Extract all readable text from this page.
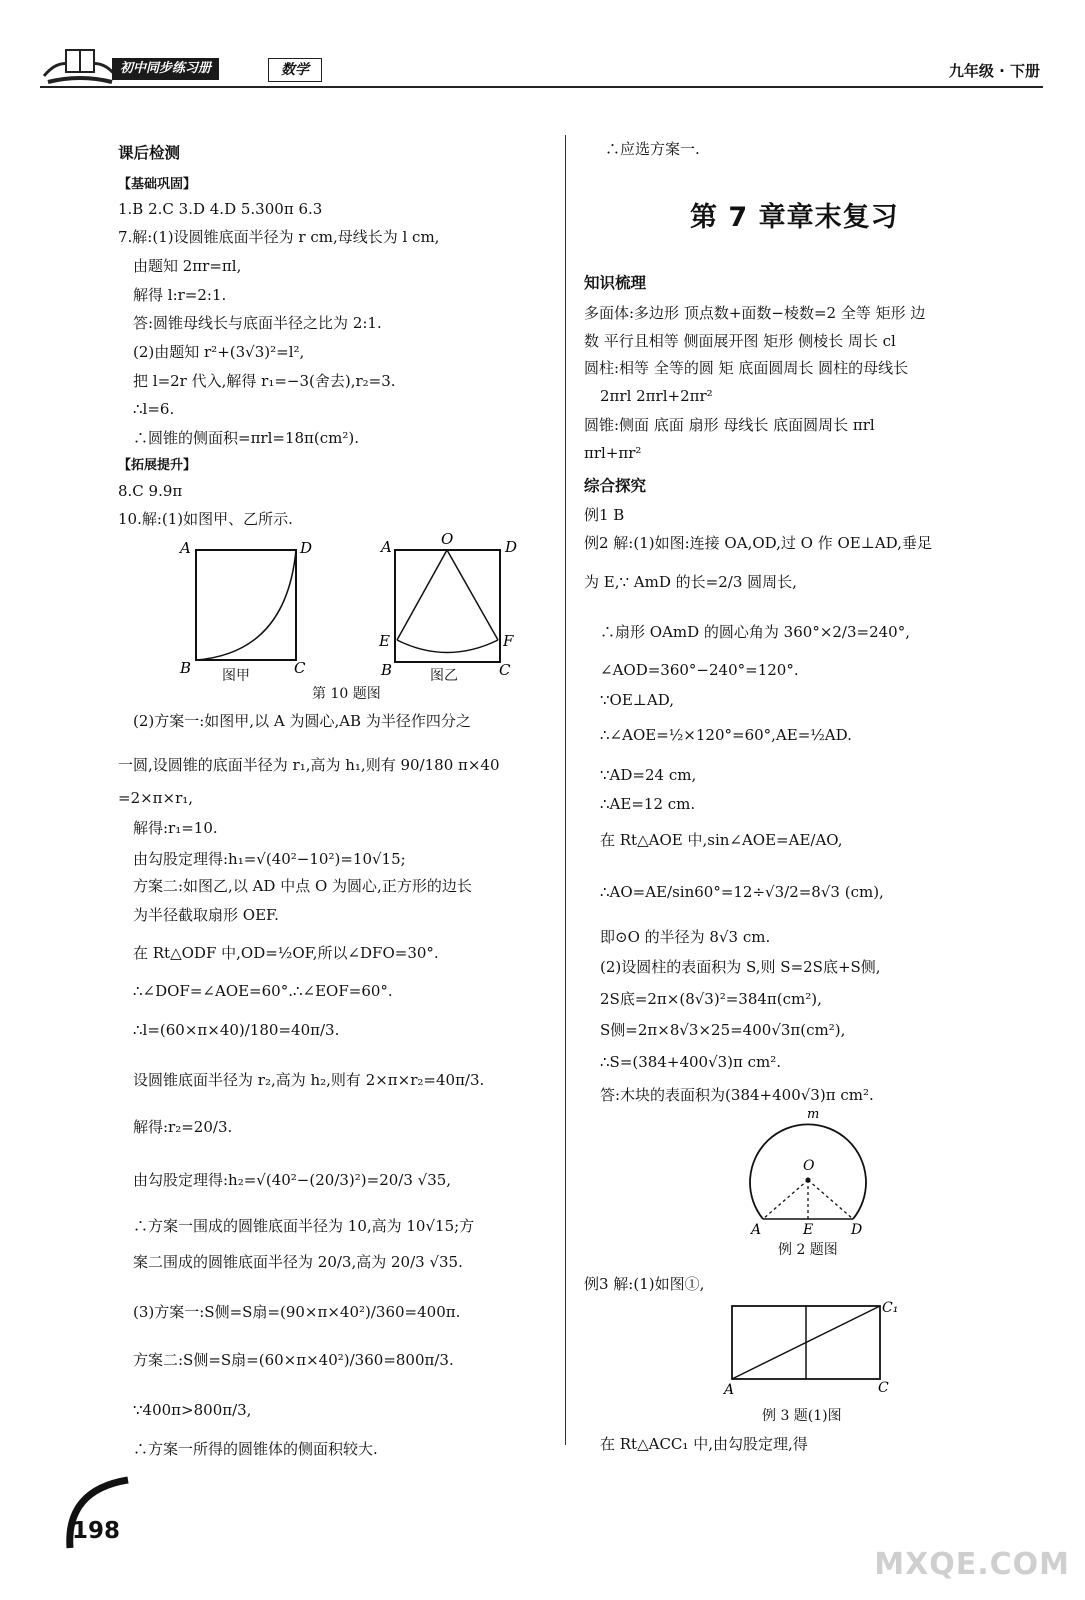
初中同步练习册	数学	九年级 · 下册
课后检测
【基础巩固】
1.B 2.C 3.D 4.D 5.300π 6.3
7.解:(1)设圆锥底面半径为 r cm,母线长为 l cm,
由题知 2πr=πl,
解得 l:r=2:1.
答:圆锥母线长与底面半径之比为 2:1.
(2)由题知 r²+(3√3)²=l²,
把 l=2r 代入,解得 r₁=−3(舍去),r₂=3.
∴l=6.
∴圆锥的侧面积=πrl=18π(cm²).
【拓展提升】
8.C 9.9π
10.解:(1)如图甲、乙所示.
A	D
B	C
图甲
A	O	D
E	F
B	C
图乙
第 10 题图
(2)方案一:如图甲,以 A 为圆心,AB 为半径作四分之
一圆,设圆锥的底面半径为 r₁,高为 h₁,则有 90/180 π×40
=2×π×r₁,
解得:r₁=10.
由勾股定理得:h₁=√(40²−10²)=10√15;
方案二:如图乙,以 AD 中点 O 为圆心,正方形的边长
为半径截取扇形 OEF.
在 Rt△ODF 中,OD=½OF,所以∠DFO=30°.
∴∠DOF=∠AOE=60°.∴∠EOF=60°.
∴l=(60×π×40)/180=40π/3.
设圆锥底面半径为 r₂,高为 h₂,则有 2×π×r₂=40π/3.
解得:r₂=20/3.
由勾股定理得:h₂=√(40²−(20/3)²)=20/3 √35,
∴方案一围成的圆锥底面半径为 10,高为 10√15;方
案二围成的圆锥底面半径为 20/3,高为 20/3 √35.
(3)方案一:S侧=S扇=(90×π×40²)/360=400π.
方案二:S侧=S扇=(60×π×40²)/360=800π/3.
∵400π>800π/3,
∴方案一所得的圆锥体的侧面积较大.
∴应选方案一.
第 7 章章末复习
知识梳理
多面体:多边形 顶点数+面数−棱数=2 全等 矩形 边
数 平行且相等 侧面展开图 矩形 侧棱长 周长 cl
圆柱:相等 全等的圆 矩 底面圆周长 圆柱的母线长
2πrl 2πrl+2πr²
圆锥:侧面 底面 扇形 母线长 底面圆周长 πrl
πrl+πr²
综合探究
例1 B
例2 解:(1)如图:连接 OA,OD,过 O 作 OE⊥AD,垂足
为 E,∵ AmD 的长=2/3 圆周长,
∴扇形 OAmD 的圆心角为 360°×2/3=240°,
∠AOD=360°−240°=120°.
∵OE⊥AD,
∴∠AOE=½×120°=60°,AE=½AD.
∵AD=24 cm,
∴AE=12 cm.
在 Rt△AOE 中,sin∠AOE=AE/AO,
∴AO=AE/sin60°=12÷√3/2=8√3 (cm),
即⊙O 的半径为 8√3 cm.
(2)设圆柱的表面积为 S,则 S=2S底+S侧,
2S底=2π×(8√3)²=384π(cm²),
S侧=2π×8√3×25=400√3π(cm²),
∴S=(384+400√3)π cm².
答:木块的表面积为(384+400√3)π cm².
m
O
A	E	D
例 2 题图
例3 解:(1)如图①,
C₁
A	C
例 3 题(1)图
在 Rt△ACC₁ 中,由勾股定理,得
198
MXQE.COM
